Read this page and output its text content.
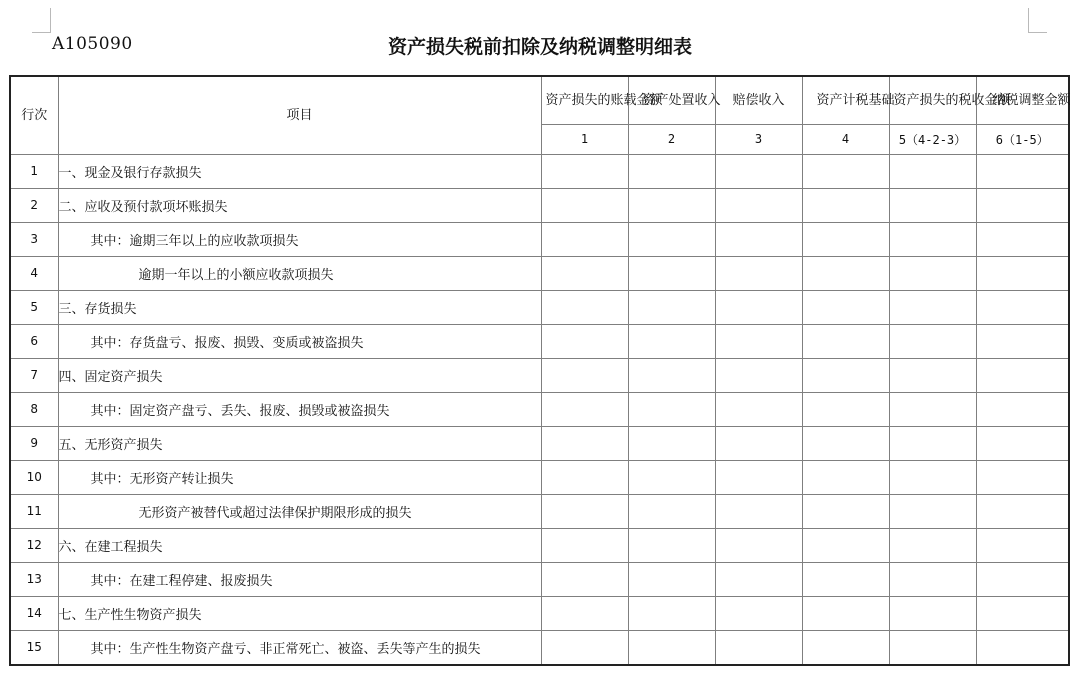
A105090	资产损失税前扣除及纳税调整明细表
行次	项目	资产损失的账载金额	资产处置收入	赔偿收入	资产计税基础	资产损失的税收金额	纳税调整金额
		1	2	3	4	5（4-2-3）	6（1-5）
1	一、现金及银行存款损失						
2	二、应收及预付款项坏账损失						
3	其中：逾期三年以上的应收款项损失						
4	逾期一年以上的小额应收款项损失						
5	三、存货损失						
6	其中：存货盘亏、报废、损毁、变质或被盗损失						
7	四、固定资产损失						
8	其中：固定资产盘亏、丢失、报废、损毁或被盗损失						
9	五、无形资产损失						
10	其中：无形资产转让损失						
11	无形资产被替代或超过法律保护期限形成的损失						
12	六、在建工程损失						
13	其中：在建工程停建、报废损失						
14	七、生产性生物资产损失						
15	其中：生产性生物资产盘亏、非正常死亡、被盗、丢失等产生的损失						
